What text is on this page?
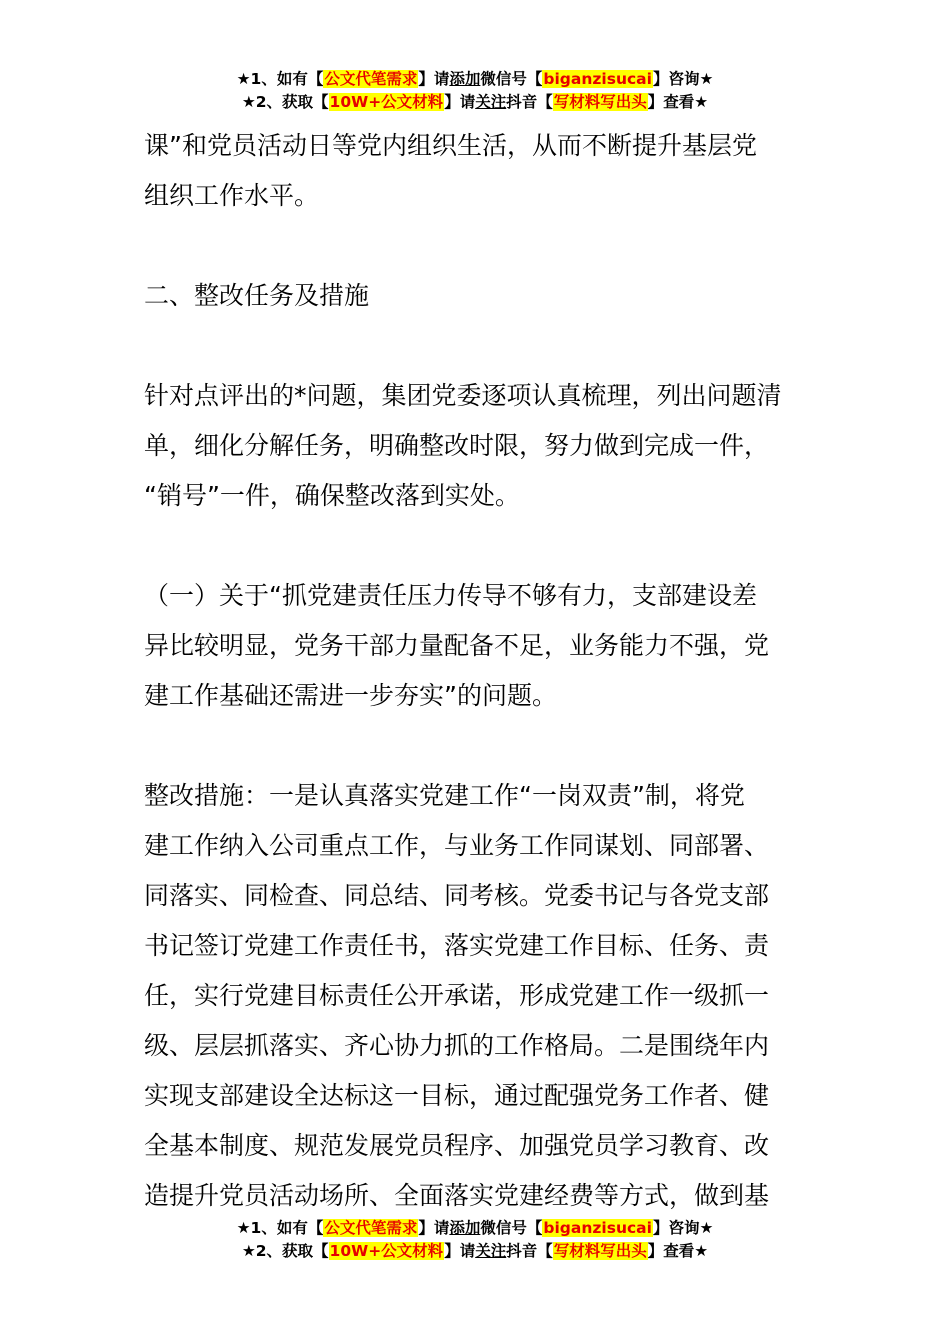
★1、如有【公文代笔需求】请添加微信号【biganzisucai】咨询★
★2、获取【10W+公文材料】请关注抖音【写材料写出头】查看★

课”和党员活动日等党内组织生活，从而不断提升基层党

组织工作水平。

二、整改任务及措施

针对点评出的*问题，集团党委逐项认真梳理，列出问题清

单，细化分解任务，明确整改时限，努力做到完成一件，

“销号”一件，确保整改落到实处。

（一）关于“抓党建责任压力传导不够有力，支部建设差

异比较明显，党务干部力量配备不足，业务能力不强，党

建工作基础还需进一步夯实”的问题。

整改措施：一是认真落实党建工作“一岗双责”制，将党

建工作纳入公司重点工作，与业务工作同谋划、同部署、

同落实、同检查、同总结、同考核。党委书记与各党支部

书记签订党建工作责任书，落实党建工作目标、任务、责

任，实行党建目标责任公开承诺，形成党建工作一级抓一

级、层层抓落实、齐心协力抓的工作格局。二是围绕年内

实现支部建设全达标这一目标，通过配强党务工作者、健

全基本制度、规范发展党员程序、加强党员学习教育、改

造提升党员活动场所、全面落实党建经费等方式，做到基

★1、如有【公文代笔需求】请添加微信号【biganzisucai】咨询★
★2、获取【10W+公文材料】请关注抖音【写材料写出头】查看★
